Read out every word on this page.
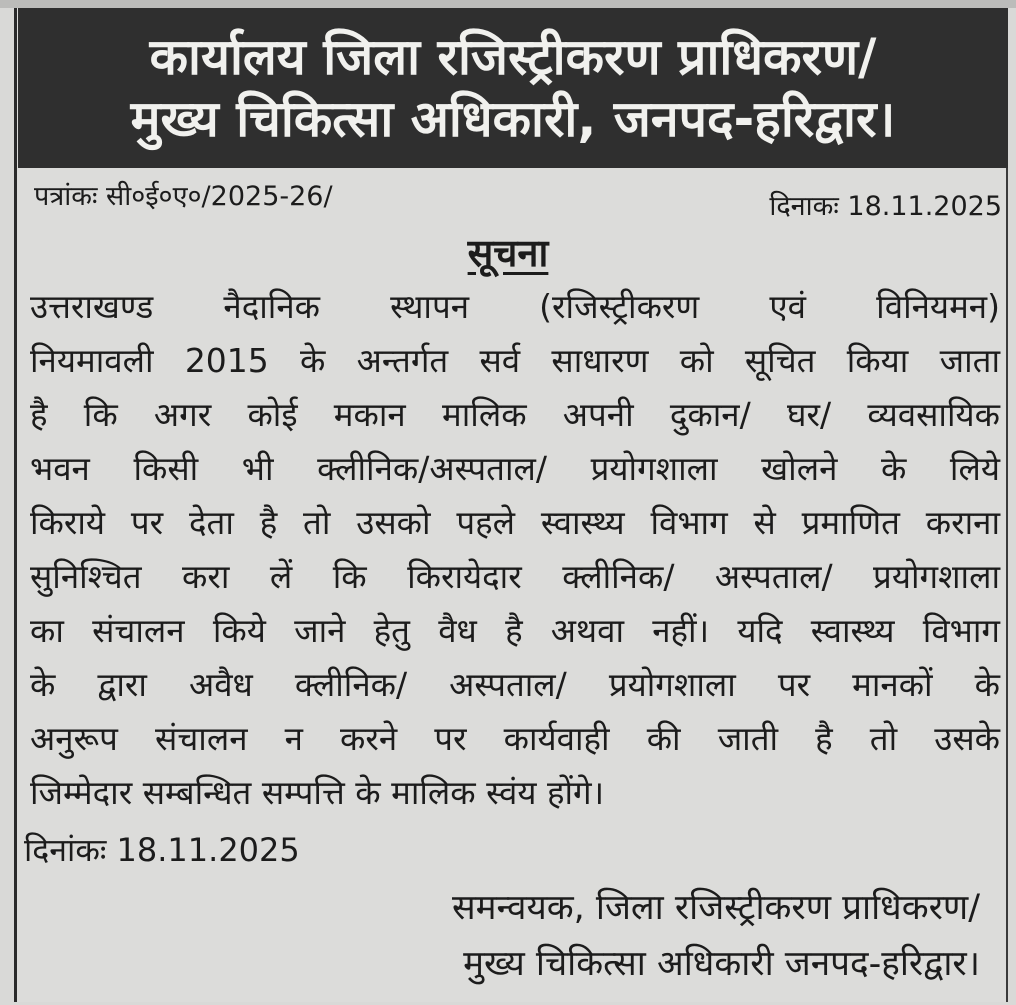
कार्यालय जिला रजिस्ट्रीकरण प्राधिकरण/
मुख्य चिकित्सा अधिकारी, जनपद-हरिद्वार।
पत्रांकः सी०ई०ए०/2025-26/	दिनाकः 18.11.2025
सूचना
उत्तराखण्ड नैदानिक स्थापन (रजिस्ट्रीकरण एवं विनियमन)
नियमावली 2015 के अन्तर्गत सर्व साधारण को सूचित किया जाता
है कि अगर कोई मकान मालिक अपनी दुकान/ घर/ व्यवसायिक
भवन किसी भी क्लीनिक/अस्पताल/ प्रयोगशाला खोलने के लिये
किराये पर देता है तो उसको पहले स्वास्थ्य विभाग से प्रमाणित कराना
सुनिश्चित करा लें कि किरायेदार क्लीनिक/ अस्पताल/ प्रयोगशाला
का संचालन किये जाने हेतु वैध है अथवा नहीं। यदि स्वास्थ्य विभाग
के द्वारा अवैध क्लीनिक/ अस्पताल/ प्रयोगशाला पर मानकों के
अनुरूप संचालन न करने पर कार्यवाही की जाती है तो उसके
जिम्मेदार सम्बन्धित सम्पत्ति के मालिक स्वंय होंगे।
दिनांकः 18.11.2025
समन्वयक, जिला रजिस्ट्रीकरण प्राधिकरण/
मुख्य चिकित्सा अधिकारी जनपद-हरिद्वार।
